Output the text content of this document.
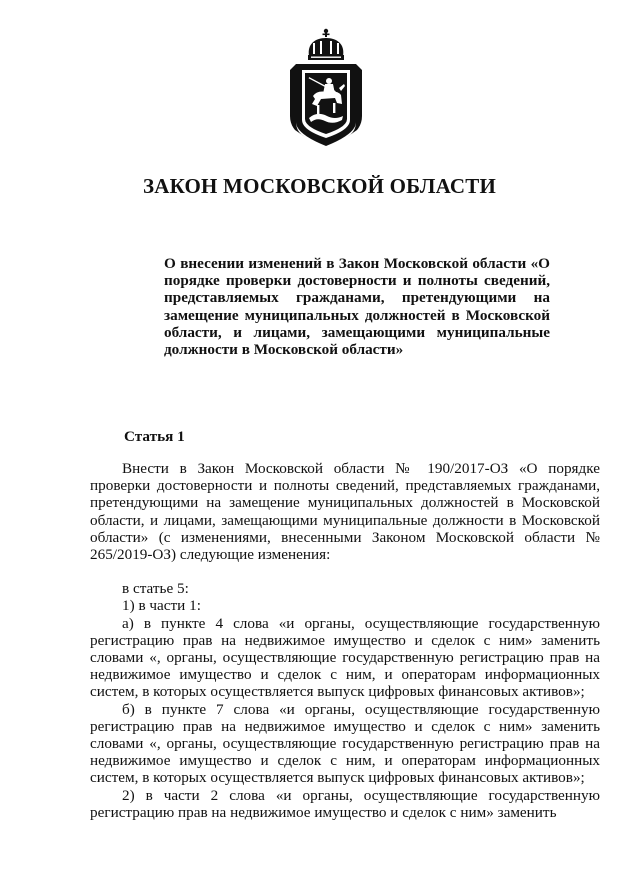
ЗАКОН МОСКОВСКОЙ ОБЛАСТИ

О внесении изменений в Закон Московской области «О порядке проверки достоверности и полноты сведений, представляемых гражданами, претендующими на замещение муниципальных должностей в Московской области, и лицами, замещающими муниципальные должности в Московской области»

Статья 1

Внести в Закон Московской области № 190/2017-ОЗ «О порядке проверки достоверности и полноты сведений, представляемых гражданами, претендующими на замещение муниципальных должностей в Московской области, и лицами, замещающими муниципальные должности в Московской области» (с изменениями, внесенными Законом Московской области № 265/2019-ОЗ) следующие изменения:

в статье 5:

1) в части 1:

а) в пункте 4 слова «и органы, осуществляющие государственную регистрацию прав на недвижимое имущество и сделок с ним» заменить словами «, органы, осуществляющие государственную регистрацию прав на недвижимое имущество и сделок с ним, и операторам информационных систем, в которых осуществляется выпуск цифровых финансовых активов»;

б) в пункте 7 слова «и органы, осуществляющие государственную регистрацию прав на недвижимое имущество и сделок с ним» заменить словами «, органы, осуществляющие государственную регистрацию прав на недвижимое имущество и сделок с ним, и операторам информационных систем, в которых осуществляется выпуск цифровых финансовых активов»;

2) в части 2 слова «и органы, осуществляющие государственную регистрацию прав на недвижимое имущество и сделок с ним» заменить
